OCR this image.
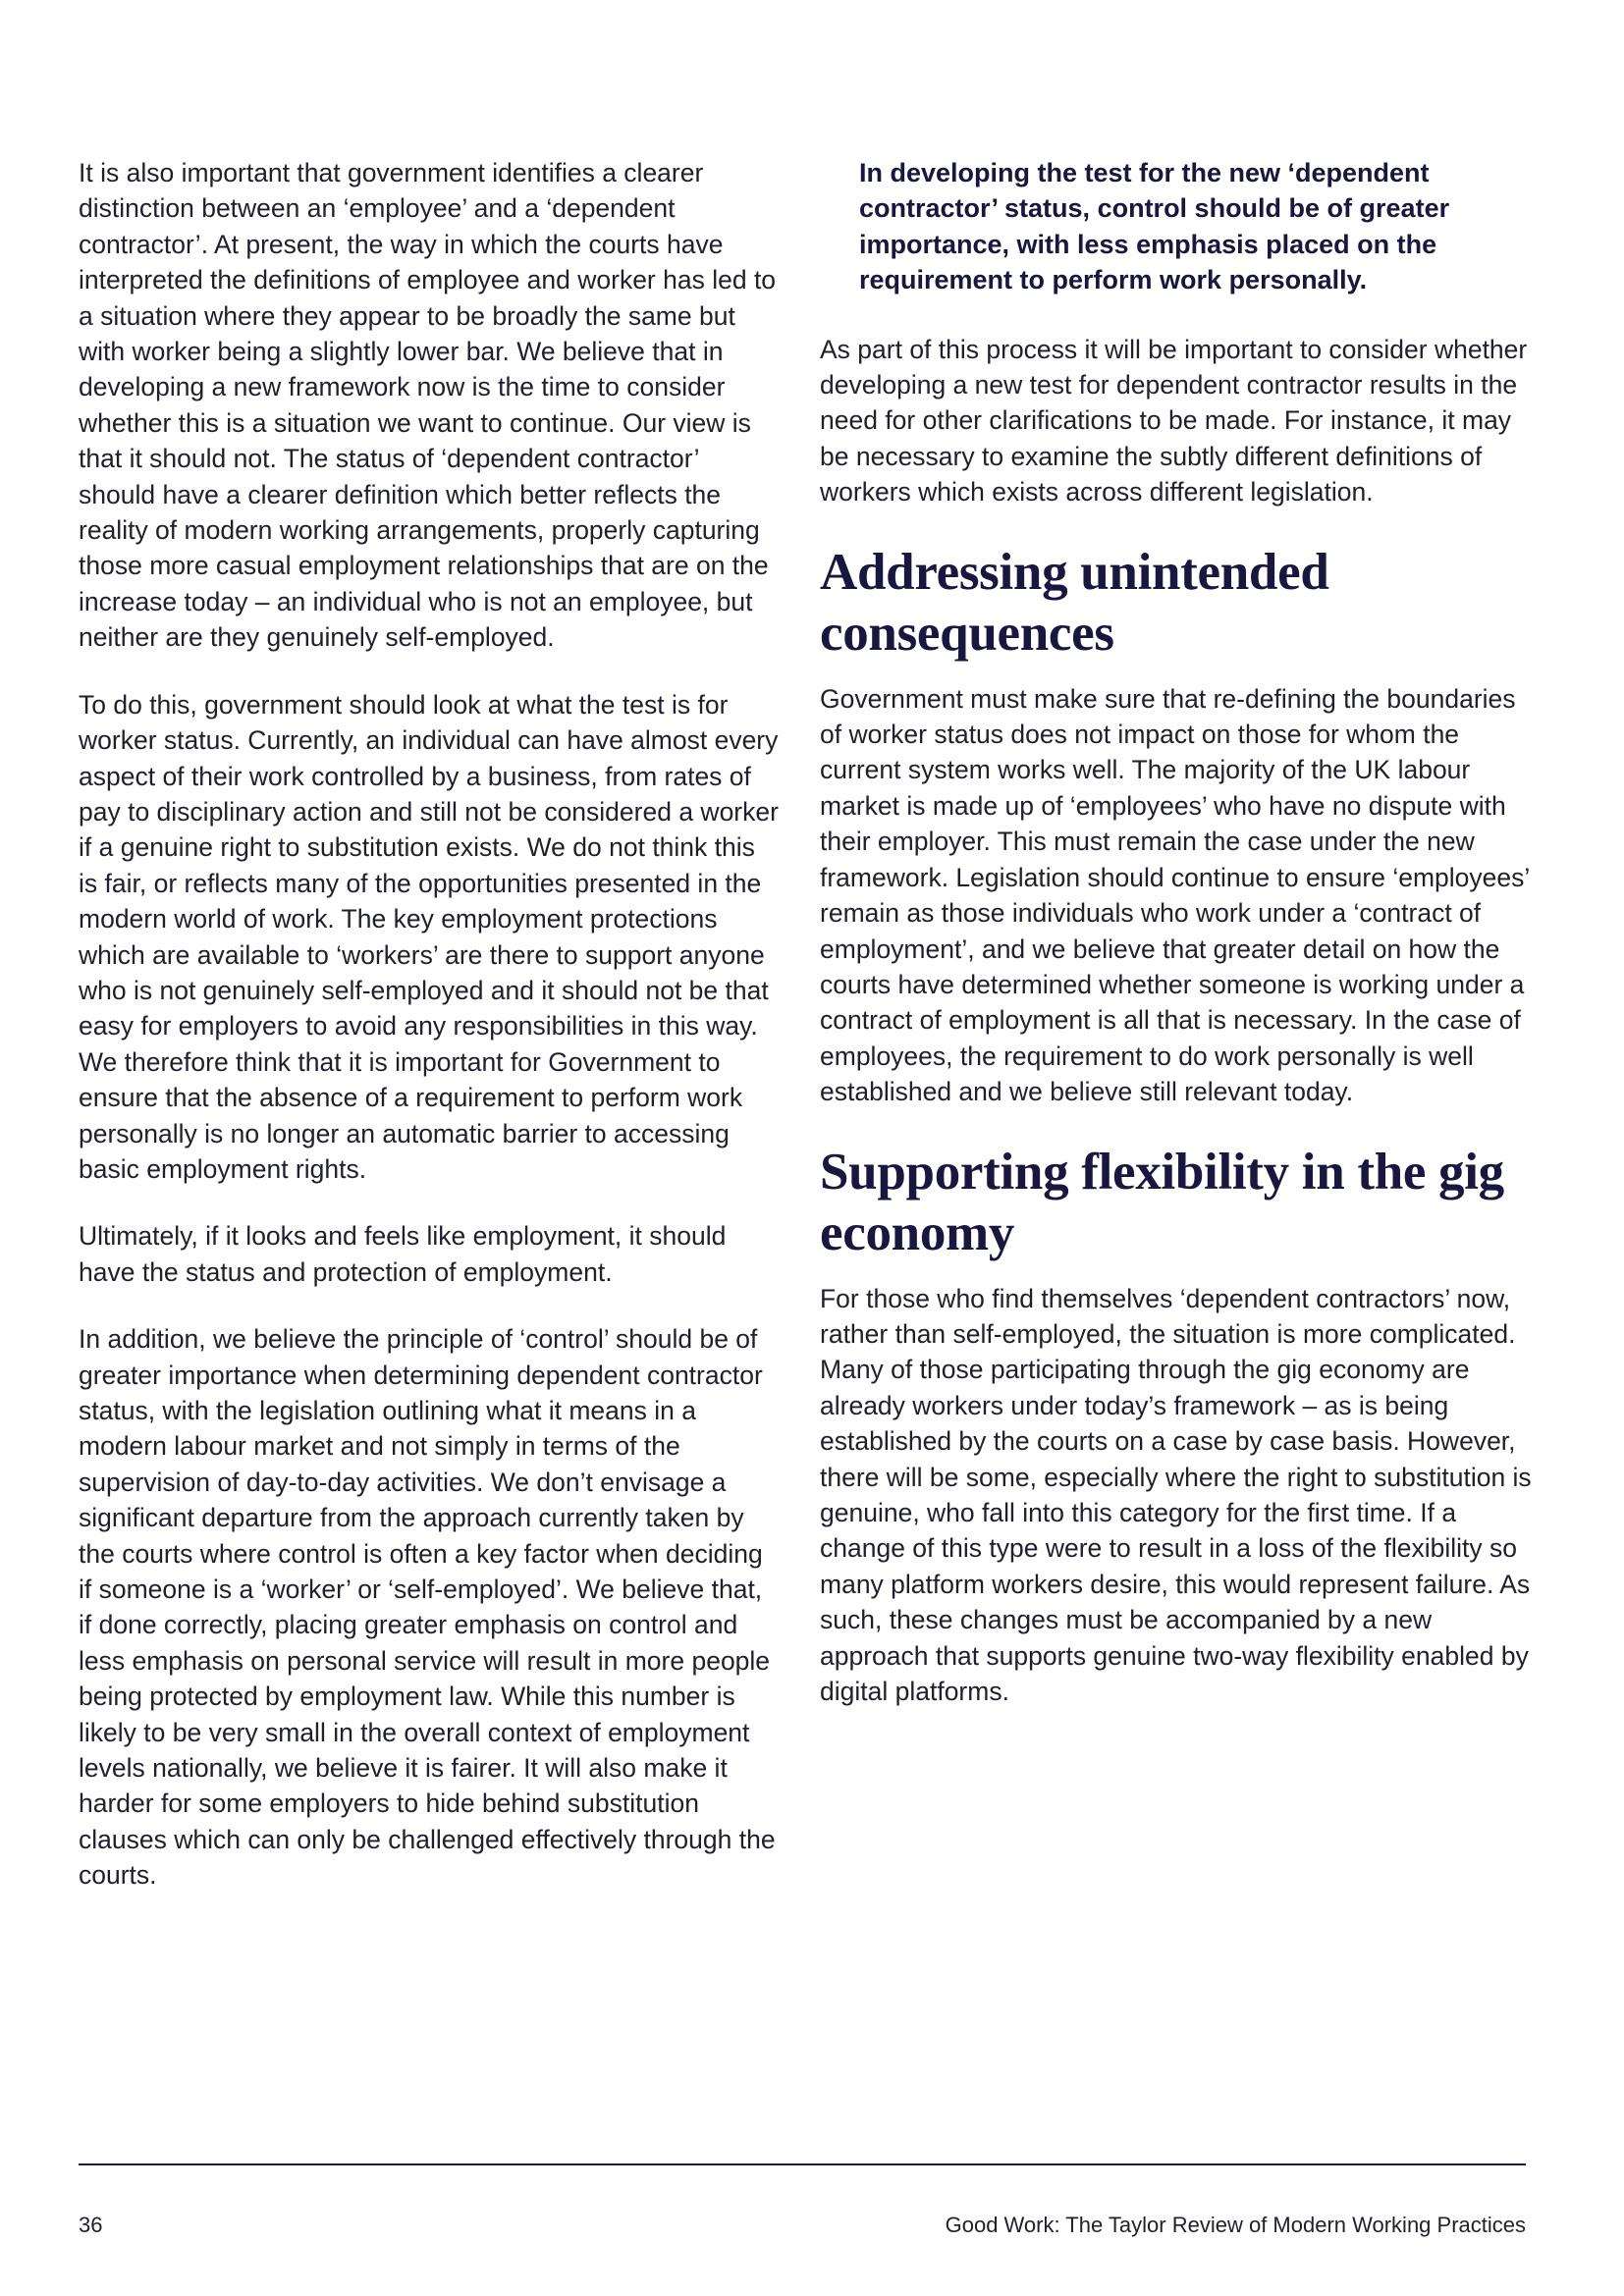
It is also important that government identifies a clearer distinction between an ‘employee’ and a ‘dependent contractor’. At present, the way in which the courts have interpreted the definitions of employee and worker has led to a situation where they appear to be broadly the same but with worker being a slightly lower bar. We believe that in developing a new framework now is the time to consider whether this is a situation we want to continue. Our view is that it should not. The status of ‘dependent contractor’ should have a clearer definition which better reflects the reality of modern working arrangements, properly capturing those more casual employment relationships that are on the increase today – an individual who is not an employee, but neither are they genuinely self-employed.

To do this, government should look at what the test is for worker status. Currently, an individual can have almost every aspect of their work controlled by a business, from rates of pay to disciplinary action and still not be considered a worker if a genuine right to substitution exists. We do not think this is fair, or reflects many of the opportunities presented in the modern world of work. The key employment protections which are available to ‘workers’ are there to support anyone who is not genuinely self-employed and it should not be that easy for employers to avoid any responsibilities in this way. We therefore think that it is important for Government to ensure that the absence of a requirement to perform work personally is no longer an automatic barrier to accessing basic employment rights.

Ultimately, if it looks and feels like employment, it should have the status and protection of employment.

In addition, we believe the principle of ‘control’ should be of greater importance when determining dependent contractor status, with the legislation outlining what it means in a modern labour market and not simply in terms of the supervision of day-to-day activities. We don’t envisage a significant departure from the approach currently taken by the courts where control is often a key factor when deciding if someone is a ‘worker’ or ‘self-employed’. We believe that, if done correctly, placing greater emphasis on control and less emphasis on personal service will result in more people being protected by employment law. While this number is likely to be very small in the overall context of employment levels nationally, we believe it is fairer. It will also make it harder for some employers to hide behind substitution clauses which can only be challenged effectively through the courts.

In developing the test for the new ‘dependent contractor’ status, control should be of greater importance, with less emphasis placed on the requirement to perform work personally.

As part of this process it will be important to consider whether developing a new test for dependent contractor results in the need for other clarifications to be made. For instance, it may be necessary to examine the subtly different definitions of workers which exists across different legislation.

Addressing unintended consequences

Government must make sure that re-defining the boundaries of worker status does not impact on those for whom the current system works well. The majority of the UK labour market is made up of ‘employees’ who have no dispute with their employer. This must remain the case under the new framework. Legislation should continue to ensure ‘employees’ remain as those individuals who work under a ‘contract of employment’, and we believe that greater detail on how the courts have determined whether someone is working under a contract of employment is all that is necessary. In the case of employees, the requirement to do work personally is well established and we believe still relevant today.

Supporting flexibility in the gig economy

For those who find themselves ‘dependent contractors’ now, rather than self-employed, the situation is more complicated. Many of those participating through the gig economy are already workers under today’s framework – as is being established by the courts on a case by case basis. However, there will be some, especially where the right to substitution is genuine, who fall into this category for the first time. If a change of this type were to result in a loss of the flexibility so many platform workers desire, this would represent failure. As such, these changes must be accompanied by a new approach that supports genuine two-way flexibility enabled by digital platforms.

36	Good Work: The Taylor Review of Modern Working Practices
